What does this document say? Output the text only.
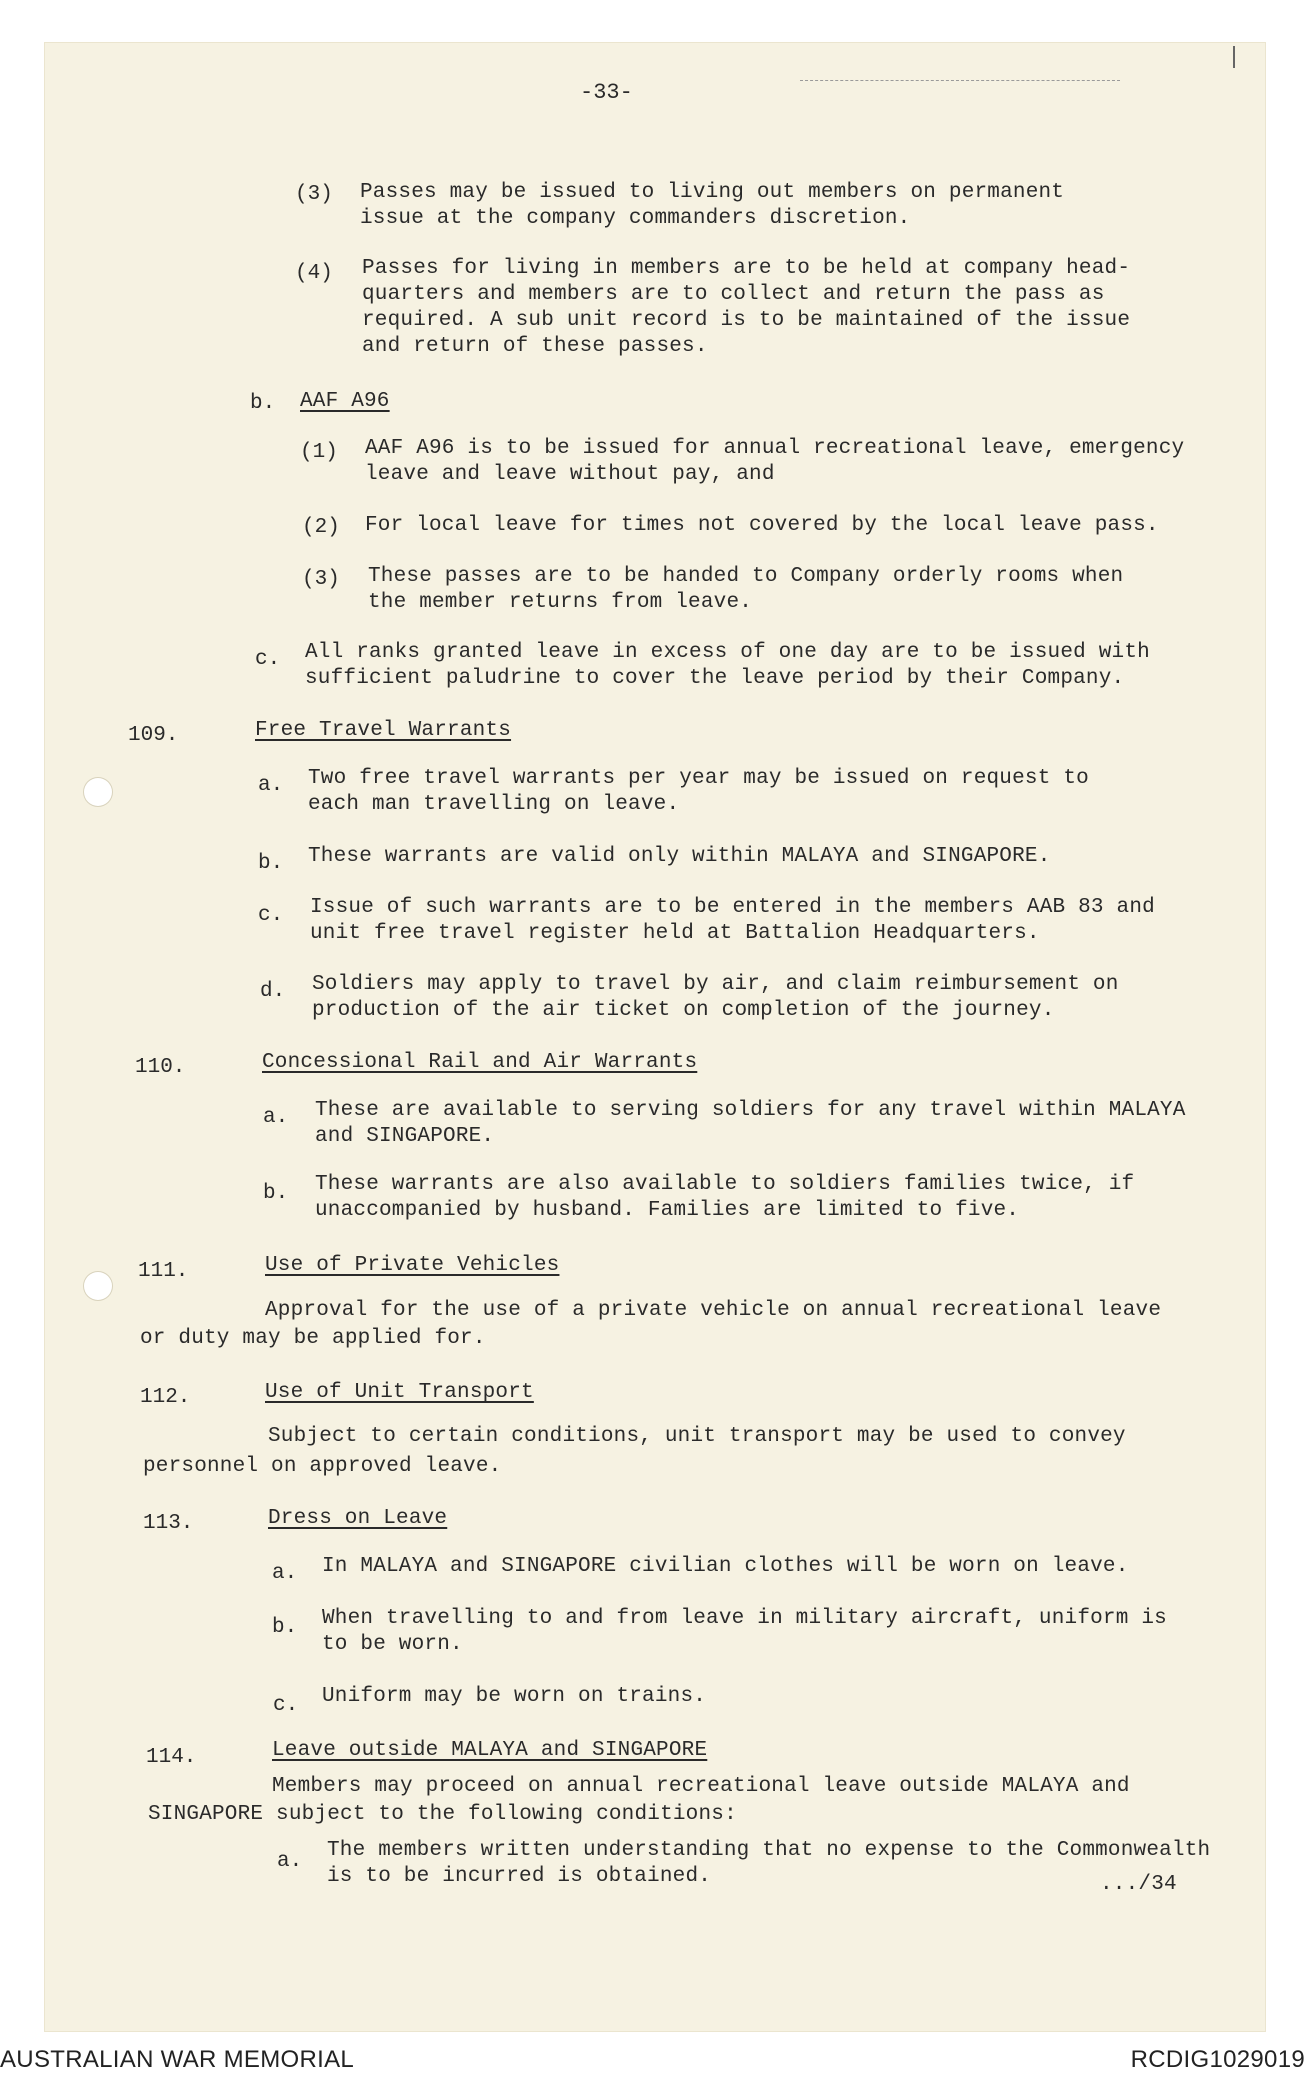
-33-
(3) Passes may be issued to living out members on permanent
issue at the company commanders discretion.
(4) Passes for living in members are to be held at company head-
quarters and members are to collect and return the pass as
required. A sub unit record is to be maintained of the issue
and return of these passes.
b. AAF A96
(1) AAF A96 is to be issued for annual recreational leave, emergency
leave and leave without pay, and
(2) For local leave for times not covered by the local leave pass.
(3) These passes are to be handed to Company orderly rooms when
the member returns from leave.
c. All ranks granted leave in excess of one day are to be issued with
sufficient paludrine to cover the leave period by their Company.
109.	Free Travel Warrants
a. Two free travel warrants per year may be issued on request to
each man travelling on leave.
b. These warrants are valid only within MALAYA and SINGAPORE.
c. Issue of such warrants are to be entered in the members AAB 83 and
unit free travel register held at Battalion Headquarters.
d. Soldiers may apply to travel by air, and claim reimbursement on
production of the air ticket on completion of the journey.
110.	Concessional Rail and Air Warrants
a. These are available to serving soldiers for any travel within MALAYA
and SINGAPORE.
b. These warrants are also available to soldiers families twice, if
unaccompanied by husband. Families are limited to five.
111.	Use of Private Vehicles
Approval for the use of a private vehicle on annual recreational leave
or duty may be applied for.
112.	Use of Unit Transport
Subject to certain conditions, unit transport may be used to convey
personnel on approved leave.
113.	Dress on Leave
a. In MALAYA and SINGAPORE civilian clothes will be worn on leave.
b. When travelling to and from leave in military aircraft, uniform is
to be worn.
c. Uniform may be worn on trains.
114.	Leave outside MALAYA and SINGAPORE
Members may proceed on annual recreational leave outside MALAYA and
SINGAPORE subject to the following conditions:
a. The members written understanding that no expense to the Commonwealth
is to be incurred is obtained.	.../34
AUSTRALIAN WAR MEMORIAL	RCDIG1029019
